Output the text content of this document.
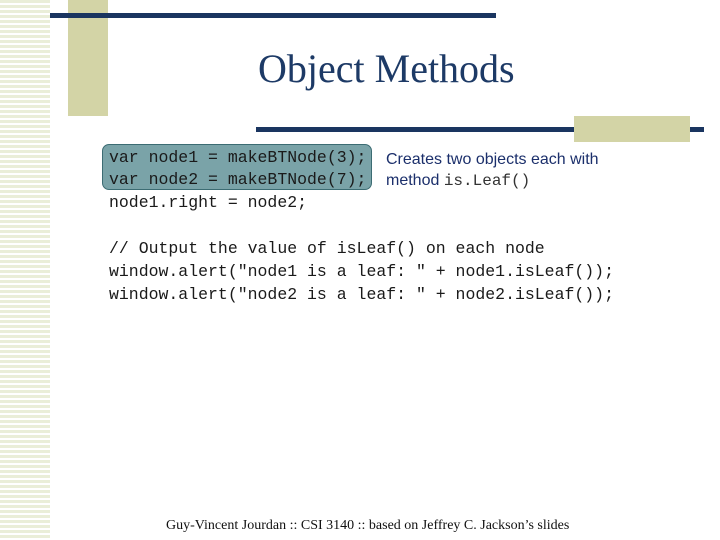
Object Methods
var node1 = makeBTNode(3);
var node2 = makeBTNode(7);
node1.right = node2;
// Output the value of isLeaf() on each node
window.alert("node1 is a leaf: " + node1.isLeaf());
window.alert("node2 is a leaf: " + node2.isLeaf());
Creates two objects each with
method is.Leaf()
Guy-Vincent Jourdan :: CSI 3140 :: based on Jeffrey C. Jackson’s slides
